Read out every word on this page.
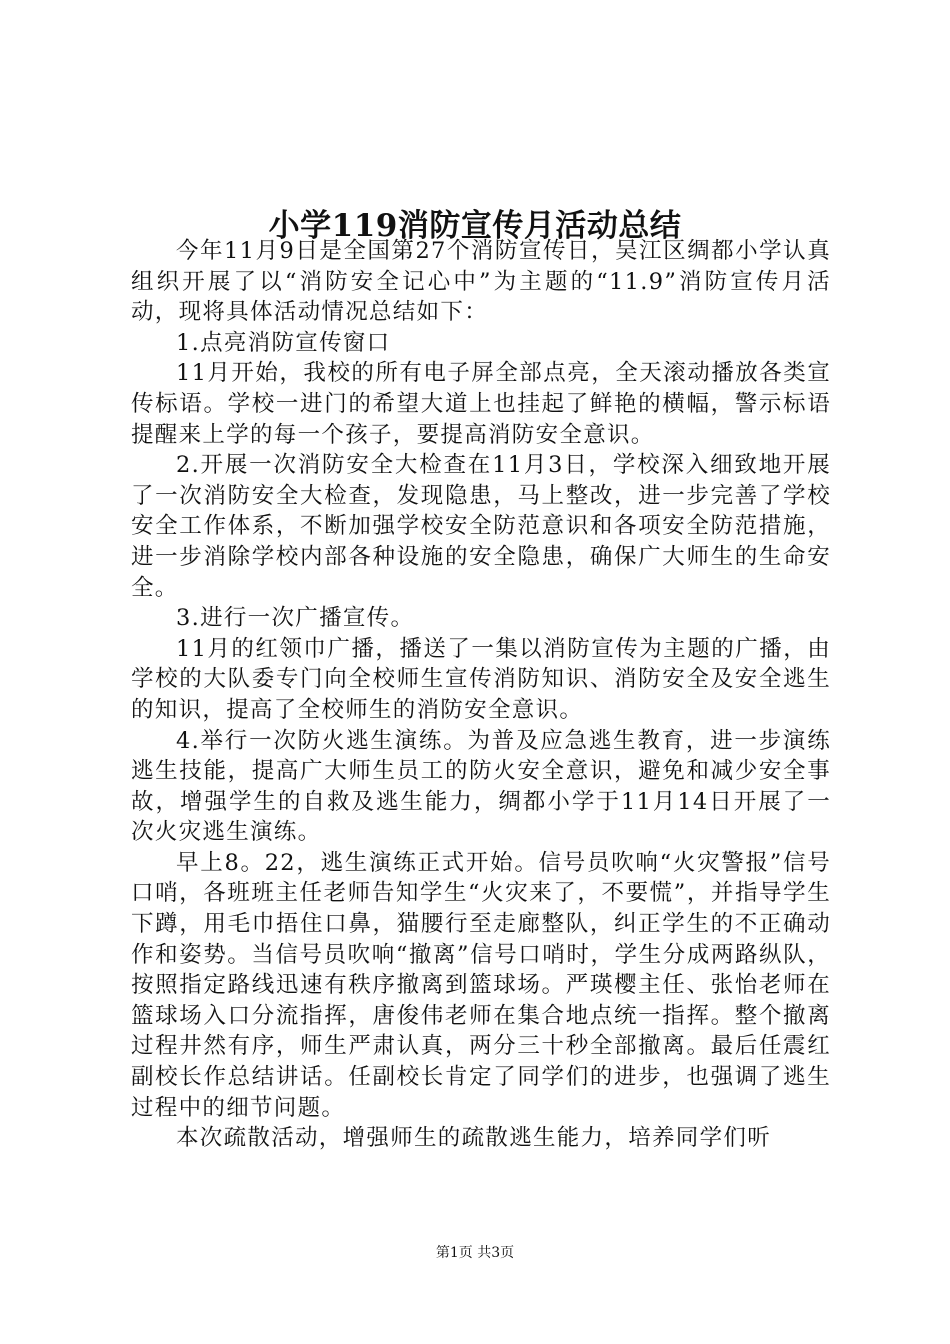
小学119消防宣传月活动总结

今年11月9日是全国第27个消防宣传日，吴江区绸都小学认真组织开展了以“消防安全记心中”为主题的“11.9”消防宣传月活动，现将具体活动情况总结如下：

1.点亮消防宣传窗口

11月开始，我校的所有电子屏全部点亮，全天滚动播放各类宣传标语。学校一进门的希望大道上也挂起了鲜艳的横幅，警示标语提醒来上学的每一个孩子，要提高消防安全意识。

2.开展一次消防安全大检查在11月3日，学校深入细致地开展了一次消防安全大检查，发现隐患，马上整改，进一步完善了学校安全工作体系，不断加强学校安全防范意识和各项安全防范措施，进一步消除学校内部各种设施的安全隐患，确保广大师生的生命安全。

3.进行一次广播宣传。

11月的红领巾广播，播送了一集以消防宣传为主题的广播，由学校的大队委专门向全校师生宣传消防知识、消防安全及安全逃生的知识，提高了全校师生的消防安全意识。

4.举行一次防火逃生演练。为普及应急逃生教育，进一步演练逃生技能，提高广大师生员工的防火安全意识，避免和减少安全事故，增强学生的自救及逃生能力，绸都小学于11月14日开展了一次火灾逃生演练。

早上8。22，逃生演练正式开始。信号员吹响“火灾警报”信号口哨，各班班主任老师告知学生“火灾来了，不要慌”，并指导学生下蹲，用毛巾捂住口鼻，猫腰行至走廊整队，纠正学生的不正确动作和姿势。当信号员吹响“撤离”信号口哨时，学生分成两路纵队，按照指定路线迅速有秩序撤离到篮球场。严瑛樱主任、张怡老师在篮球场入口分流指挥，唐俊伟老师在集合地点统一指挥。整个撤离过程井然有序，师生严肃认真，两分三十秒全部撤离。最后任震红副校长作总结讲话。任副校长肯定了同学们的进步，也强调了逃生过程中的细节问题。

本次疏散活动，增强师生的疏散逃生能力，培养同学们听

第1页 共3页
